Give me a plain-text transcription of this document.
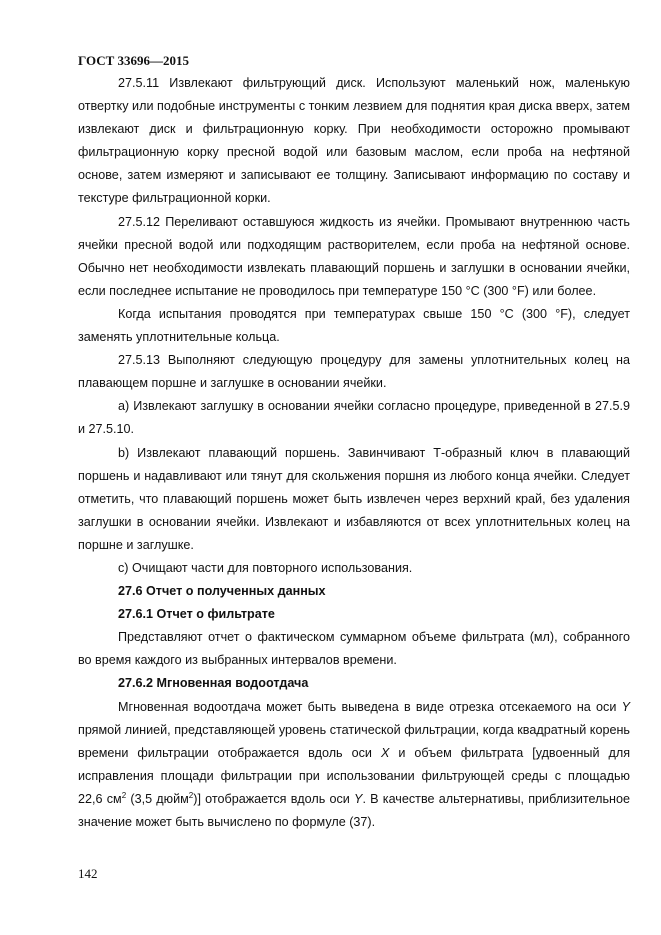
ГОСТ 33696—2015

27.5.11 Извлекают фильтрующий диск. Используют маленький нож, маленькую отвертку или подобные инструменты с тонким лезвием для поднятия края диска вверх, затем извлекают диск и фильтрационную корку. При необходимости осторожно промывают фильтрационную корку пресной водой или базовым маслом, если проба на нефтяной основе, затем измеряют и записывают ее толщину. Записывают информацию по составу и текстуре фильтрационной корки.

27.5.12 Переливают оставшуюся жидкость из ячейки. Промывают внутреннюю часть ячейки пресной водой или подходящим растворителем, если проба на нефтяной основе. Обычно нет необходимости извлекать плавающий поршень и заглушки в основании ячейки, если последнее испытание не проводилось при температуре 150 °С (300 °F) или более.

Когда испытания проводятся при температурах свыше 150 °С (300 °F), следует заменять уплотнительные кольца.

27.5.13 Выполняют следующую процедуру для замены уплотнительных колец на плавающем поршне и заглушке в основании ячейки.

а) Извлекают заглушку в основании ячейки согласно процедуре, приведенной в 27.5.9 и 27.5.10.

b) Извлекают плавающий поршень. Завинчивают Т-образный ключ в плавающий поршень и надавливают или тянут для скольжения поршня из любого конца ячейки. Следует отметить, что плавающий поршень может быть извлечен через верхний край, без удаления заглушки в основании ячейки. Извлекают и избавляются от всех уплотнительных колец на поршне и заглушке.

с) Очищают части для повторного использования.

27.6 Отчет о полученных данных

27.6.1 Отчет о фильтрате

Представляют отчет о фактическом суммарном объеме фильтрата (мл), собранного во время каждого из выбранных интервалов времени.

27.6.2 Мгновенная водоотдача

Мгновенная водоотдача может быть выведена в виде отрезка отсекаемого на оси Y прямой линией, представляющей уровень статической фильтрации, когда квадратный корень времени фильтрации отображается вдоль оси X и объем фильтрата [удвоенный для исправления площади фильтрации при использовании фильтрующей среды с площадью 22,6 $см^2$ (3,5 дюйм$^2$)] отображается вдоль оси Y. В качестве альтернативы, приблизительное значение может быть вычислено по формуле (37).

142
